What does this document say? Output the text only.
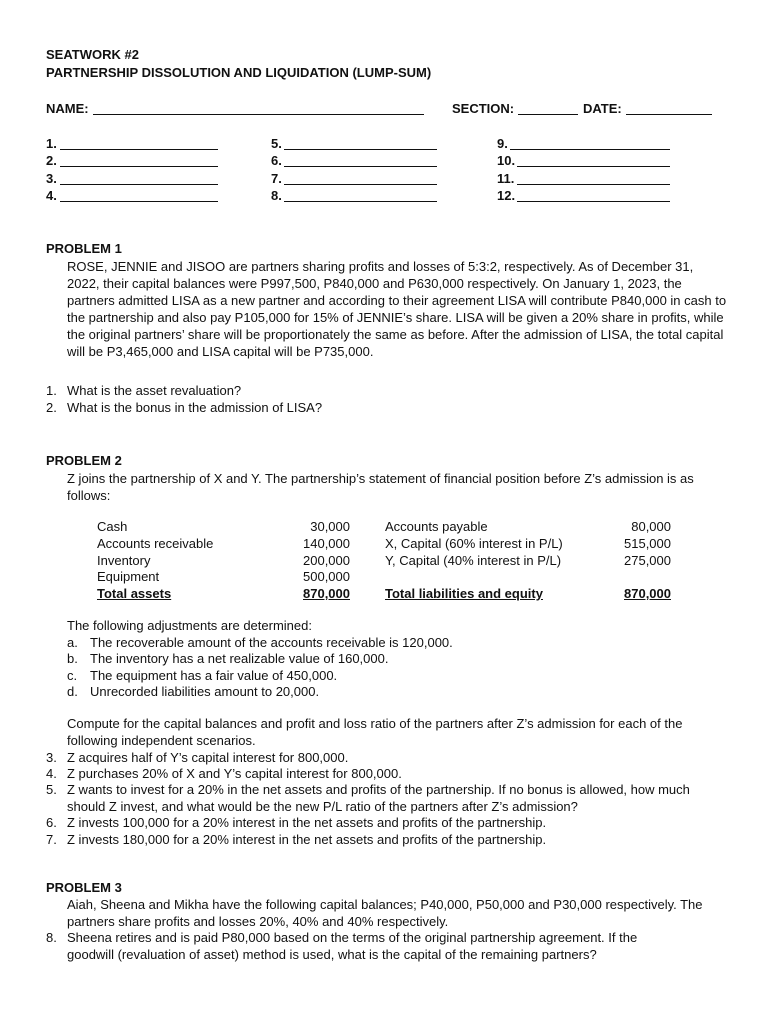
SEATWORK #2
PARTNERSHIP DISSOLUTION AND LIQUIDATION (LUMP-SUM)
NAME:	SECTION:	DATE:
1.
2.
3.
4.
5.
6.
7.
8.
9.
10.
11.
12.
PROBLEM 1
ROSE, JENNIE and JISOO are partners sharing profits and losses of 5:3:2, respectively. As of December 31, 2022, their capital balances were P997,500, P840,000 and P630,000 respectively. On January 1, 2023, the partners admitted LISA as a new partner and according to their agreement LISA will contribute P840,000 in cash to the partnership and also pay P105,000 for 15% of JENNIE’s share. LISA will be given a 20% share in profits, while the original partners’ share will be proportionately the same as before. After the admission of LISA, the total capital will be P3,465,000 and LISA capital will be P735,000.
1. What is the asset revaluation?
2. What is the bonus in the admission of LISA?
PROBLEM 2
Z joins the partnership of X and Y. The partnership’s statement of financial position before Z’s admission is as follows:
Cash	30,000
Accounts receivable	140,000
Inventory	200,000
Equipment	500,000
Total assets	870,000
Accounts payable	80,000
X, Capital (60% interest in P/L)	515,000
Y, Capital (40% interest in P/L)	275,000
Total liabilities and equity	870,000
The following adjustments are determined:
a. The recoverable amount of the accounts receivable is 120,000.
b. The inventory has a net realizable value of 160,000.
c. The equipment has a fair value of 450,000.
d. Unrecorded liabilities amount to 20,000.
Compute for the capital balances and profit and loss ratio of the partners after Z’s admission for each of the following independent scenarios.
3. Z acquires half of Y’s capital interest for 800,000.
4. Z purchases 20% of X and Y’s capital interest for 800,000.
5. Z wants to invest for a 20% in the net assets and profits of the partnership. If no bonus is allowed, how much should Z invest, and what would be the new P/L ratio of the partners after Z’s admission?
6. Z invests 100,000 for a 20% interest in the net assets and profits of the partnership.
7. Z invests 180,000 for a 20% interest in the net assets and profits of the partnership.
PROBLEM 3
Aiah, Sheena and Mikha have the following capital balances; P40,000, P50,000 and P30,000 respectively. The partners share profits and losses 20%, 40% and 40% respectively.
8. Sheena retires and is paid P80,000 based on the terms of the original partnership agreement. If the goodwill (revaluation of asset) method is used, what is the capital of the remaining partners?
